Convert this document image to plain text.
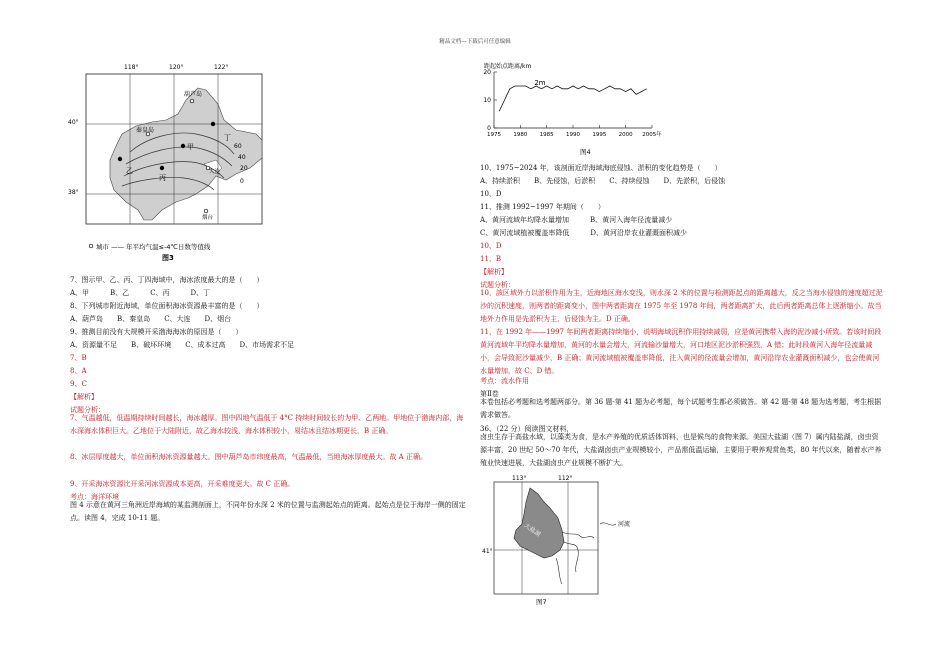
精品文档---下载后可任意编辑
118°	120°	122°
40°
38°
60
40
20
0
葫芦岛
秦皇岛
甲
乙
丙
丁
大连
烟台
城市 —— 年平均气温≤-4℃日数等值线
图3
7、图示甲、乙、丙、丁四海域中，海冰浓度最大的是（　　）
A、甲　　　B、乙　　　C、丙　　　D、丁
8、下列城市附近海域，单位面积海冰资源最丰富的是（　　）
A、葫芦岛　　B、秦皇岛　　C、大连　　D、烟台
9、推测目前没有大规模开采渤海海冰的原因是（　　）
A、资源量不足　　B、破坏环境　　C、成本过高　　D、市场需求不足
7、B
8、A
9、C
【解析】
试题分析：
7、气温越低，低温期持续时间越长，海冰越厚。图中四地气温低于 4°C 持续时间较长的为甲、乙两地。甲地位于渤海内部，海水深海水体积巨大。乙地位于大陆附近，故乙海水较浅，海水体积较小，易结冰且结冰期更长，B 正确。
8、冰层厚度越大，单位面积海冰资源量越大。图中葫芦岛市纬度最高，气温最低，当地海冰厚度最大。故 A 正确。
9、开采海冰资源比开采河冰资源成本更高，开采难度更大。故 C 正确。
考点：海洋环境
图 4 示意在黄河三角洲近岸海域的某监测剖面上，不同年份水深 2 米的位置与监测起始点的距离。起始点是位于海岸一侧的固定点。读图 4，完成 10-11 题。
距起始点距离/km
0
10
20
1975 1980 1985 1990 1995 2000 2005年
2m
图4
10、1975~2024 年，该剖面近岸海域海底侵蚀、淤积的变化趋势是（　　）
A、持续淤积　　B、先侵蚀，后淤积　　C、持续侵蚀　　D、先淤积，后侵蚀
10、D
11、推测 1992~1997 年期间（　　）
A、黄河流域年均降水量增加　　　B、黄河入海年径流量减少
C、黄河流域植被覆盖率降低　　　D、黄河沿岸农业灌溉面积减少
10、D
11、B
【解析】
试题分析：
10、該区域外力以淤积作用为主，近海地区海水变浅，则水深 2 米的位置与检测距起点的距离越大，反之当海水侵蚀的速度超过泥沙的沉积速度，则两者的距离变小，图中两者距离在 1975 年至 1978 年间，两者距离扩大，此后两者距离总体上逐渐缩小。故当地外力作用是先淤积为主，后侵蚀为主。D 正确。
11、在 1992 年——1997 年间两者距离持续缩小，说明海域沉积作用持续减弱，应是黄河携带入海的泥沙减小所致。若该时间段黄河流域年平均降水量增加，黄河的水量会增大，河流输沙量增大，河口地区泥沙淤积强烈，A 错；此时段黄河入海年径流量减小，会导致泥沙量减少，B 正确；黄河流域植被覆盖率降低，注入黄河的径流量会增加，黄河沿岸农业灌溉面积减少，也会使黄河水量增加，故 C、D 错。
考点：流水作用
第Ⅱ卷
本卷包括必考题和选考题两部分。第 36 题-第 41 题为必考题，每个试题考生都必须做答。第 42 题-第 48 题为选考题，考生根据需求做答。
36、（22 分）阅读图文材料，
卤虫生存于高盐水域，以藻类为食，是水产养殖的优质活体饵料，也是候鸟的食物来源。美国大盐湖（图 7）属内陆盐湖，卤虫资源丰富，20 世纪 50～70 年代，大盐湖卤虫产业规模较小，产品需低温运输，主要用于喂养观赏鱼类，80 年代以来，随着水产养殖业快速进展，大盐湖卤虫产业规模不断扩大。
113°	112°
41°
大盐湖	河流
图7
